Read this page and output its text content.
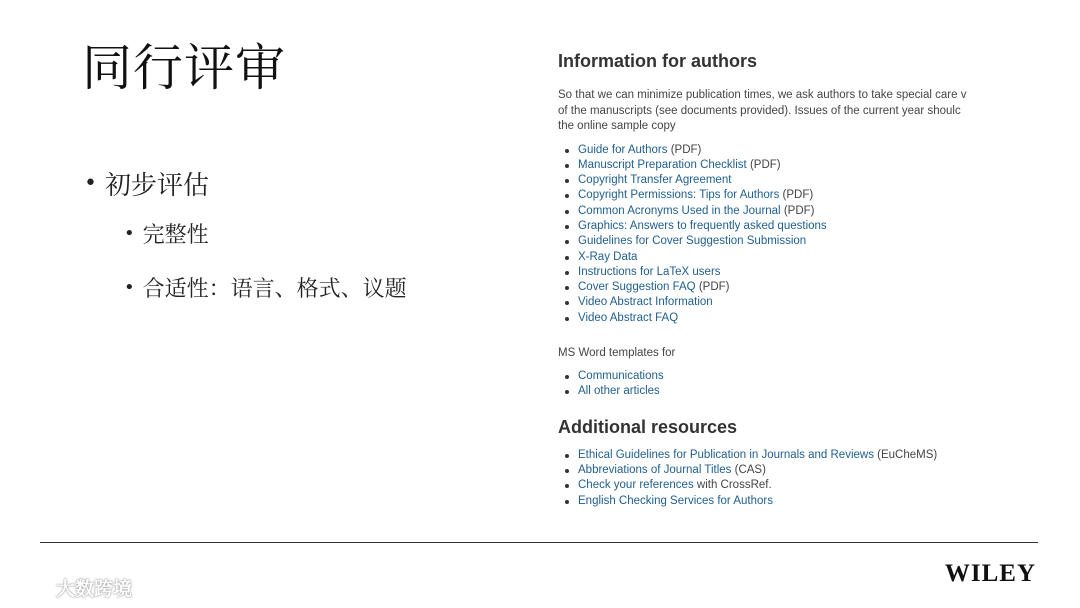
同行评审
• 初步评估
• 完整性
• 合适性：语言、格式、议题
Information for authors
So that we can minimize publication times, we ask authors to take special care v
of the manuscripts (see documents provided). Issues of the current year shoulc
the online sample copy
Guide for Authors (PDF)
Manuscript Preparation Checklist (PDF)
Copyright Transfer Agreement
Copyright Permissions: Tips for Authors (PDF)
Common Acronyms Used in the Journal (PDF)
Graphics: Answers to frequently asked questions
Guidelines for Cover Suggestion Submission
X-Ray Data
Instructions for LaTeX users
Cover Suggestion FAQ (PDF)
Video Abstract Information
Video Abstract FAQ
MS Word templates for
Communications
All other articles
Additional resources
Ethical Guidelines for Publication in Journals and Reviews (EuCheMS)
Abbreviations of Journal Titles (CAS)
Check your references with CrossRef.
English Checking Services for Authors
大数跨境
WILEY
